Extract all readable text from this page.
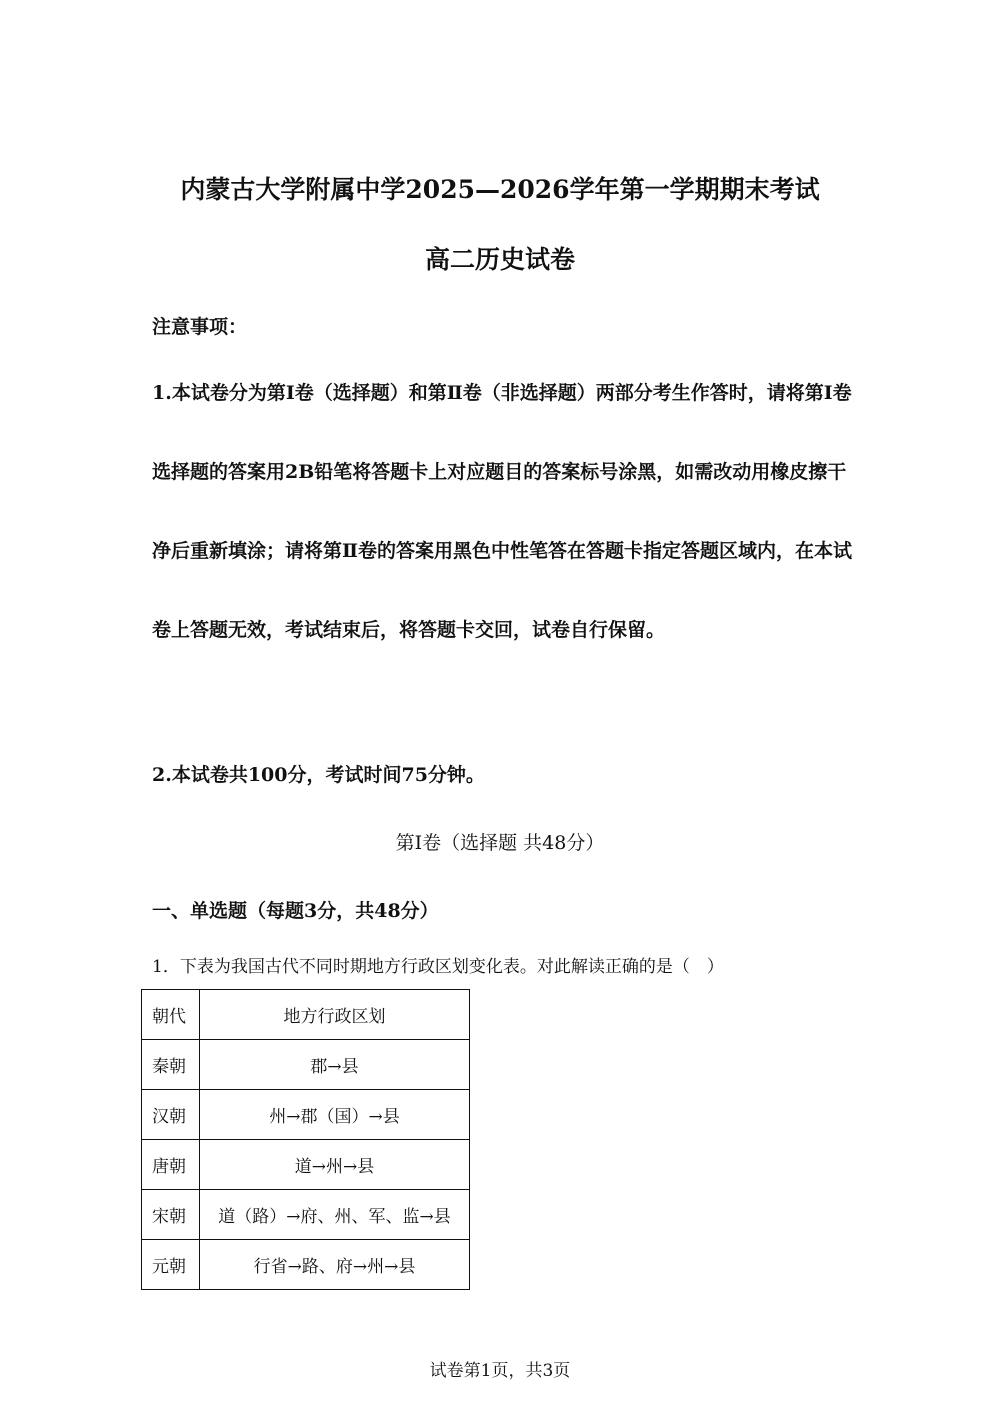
内蒙古大学附属中学2025—2026学年第一学期期末考试
高二历史试卷
注意事项：
1.本试卷分为第Ⅰ卷（选择题）和第Ⅱ卷（非选择题）两部分考生作答时，请将第Ⅰ卷选择题的答案用2B铅笔将答题卡上对应题目的答案标号涂黑，如需改动用橡皮擦干净后重新填涂；请将第Ⅱ卷的答案用黑色中性笔答在答题卡指定答题区域内，在本试卷上答题无效，考试结束后，将答题卡交回，试卷自行保留。
2.本试卷共100分，考试时间75分钟。
第Ⅰ卷（选择题 共48分）
一、单选题（每题3分，共48分）
1．下表为我国古代不同时期地方行政区划变化表。对此解读正确的是（　）
朝代	地方行政区划
秦朝	郡→县
汉朝	州→郡（国）→县
唐朝	道→州→县
宋朝	道（路）→府、州、军、监→县
元朝	行省→路、府→州→县
试卷第1页，共3页
